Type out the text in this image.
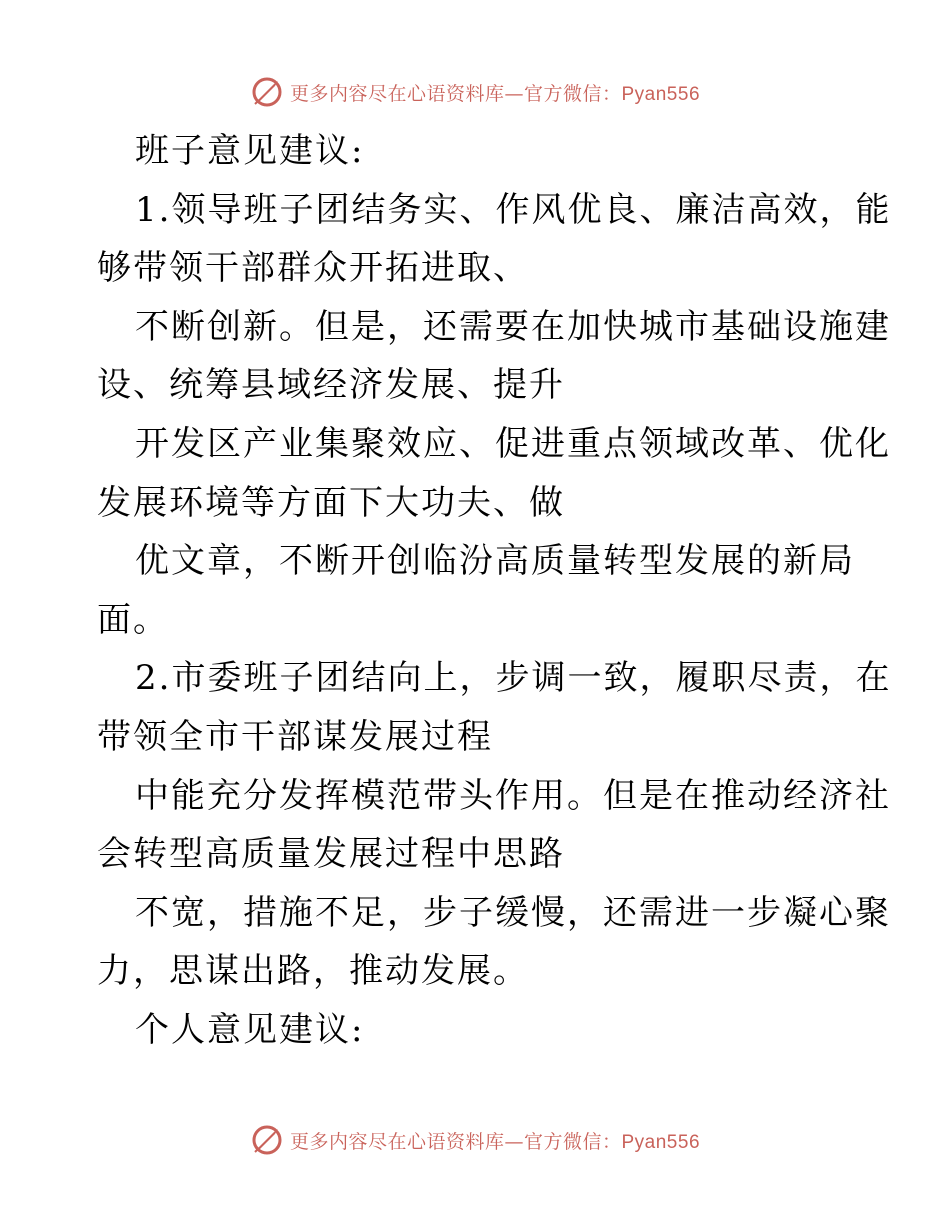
更多内容尽在心语资料库—官方微信：Pyan556
班子意见建议:
1.领导班子团结务实、作风优良、廉洁高效，能
够带领干部群众开拓进取、
不断创新。但是，还需要在加快城市基础设施建
设、统筹县域经济发展、提升
开发区产业集聚效应、促进重点领域改革、优化
发展环境等方面下大功夫、做
优文章，不断开创临汾高质量转型发展的新局
面。
2.市委班子团结向上，步调一致，履职尽责，在
带领全市干部谋发展过程
中能充分发挥模范带头作用。但是在推动经济社
会转型高质量发展过程中思路
不宽，措施不足，步子缓慢，还需进一步凝心聚
力，思谋出路，推动发展。
个人意见建议:
更多内容尽在心语资料库—官方微信：Pyan556
